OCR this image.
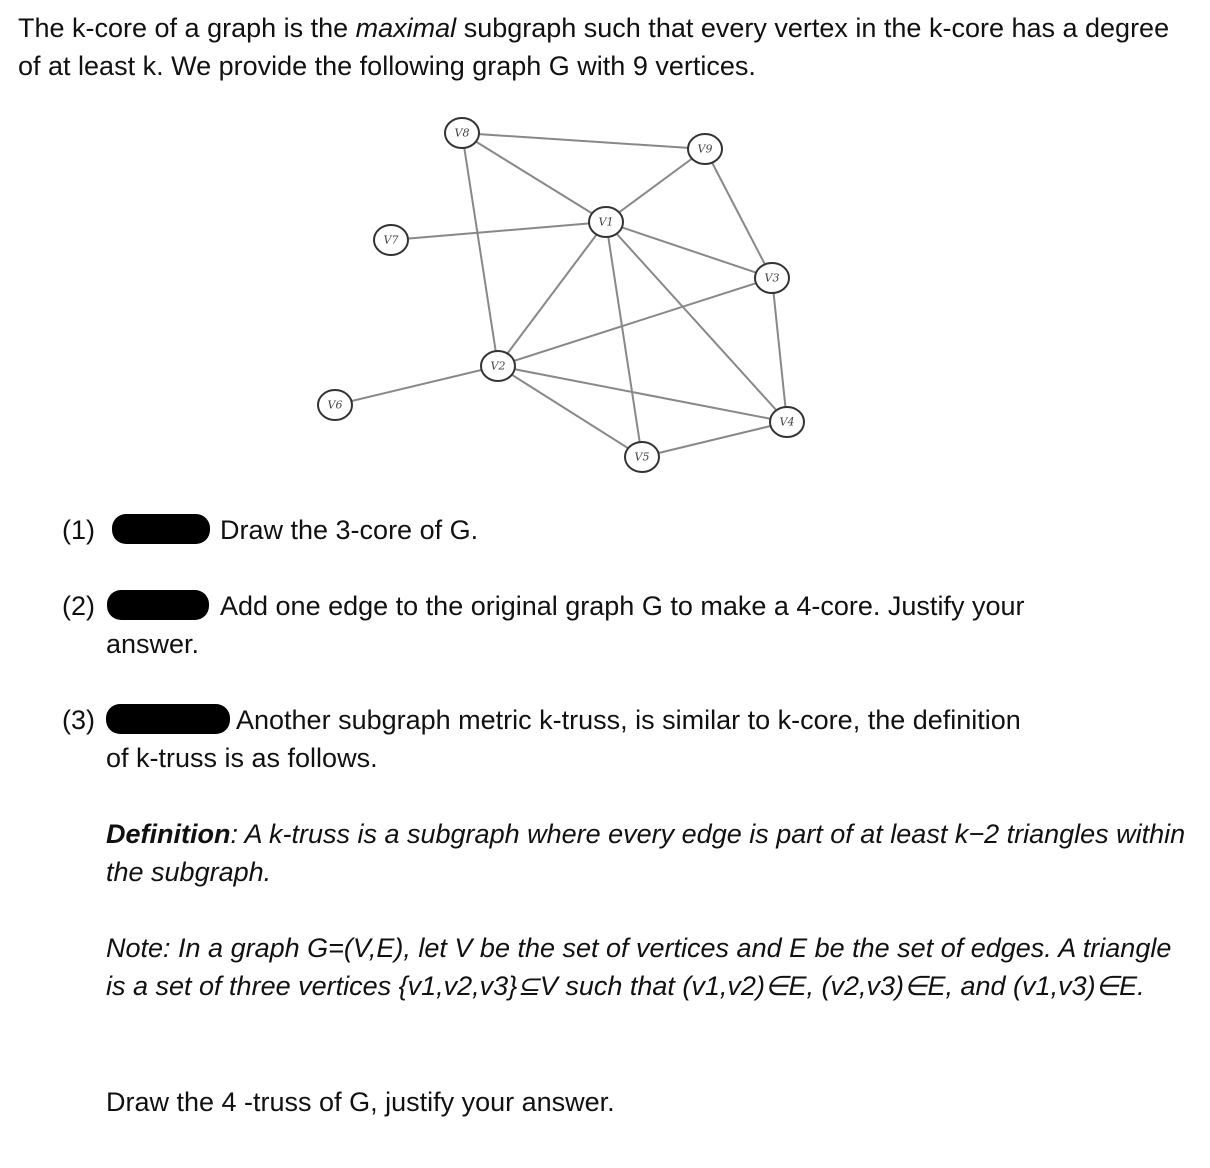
The k-core of a graph is the maximal subgraph such that every vertex in the k-core has a degree of at least k. We provide the following graph G with 9 vertices.
V1
V2
V3
V4
V5
V6
V7
V8
V9
(1)	Draw the 3-core of G.
(2)	Add one edge to the original graph G to make a 4-core. Justify your
answer.
(3)	Another subgraph metric k-truss, is similar to k-core, the definition
of k-truss is as follows.
Definition: A k-truss is a subgraph where every edge is part of at least k−2 triangles within the subgraph.
Note: In a graph G=(V,E), let V be the set of vertices and E be the set of edges. A triangle is a set of three vertices {v1,v2,v3}⊆V such that (v1,v2)∈E, (v2,v3)∈E, and (v1,v3)∈E.
Draw the 4 -truss of G, justify your answer.
